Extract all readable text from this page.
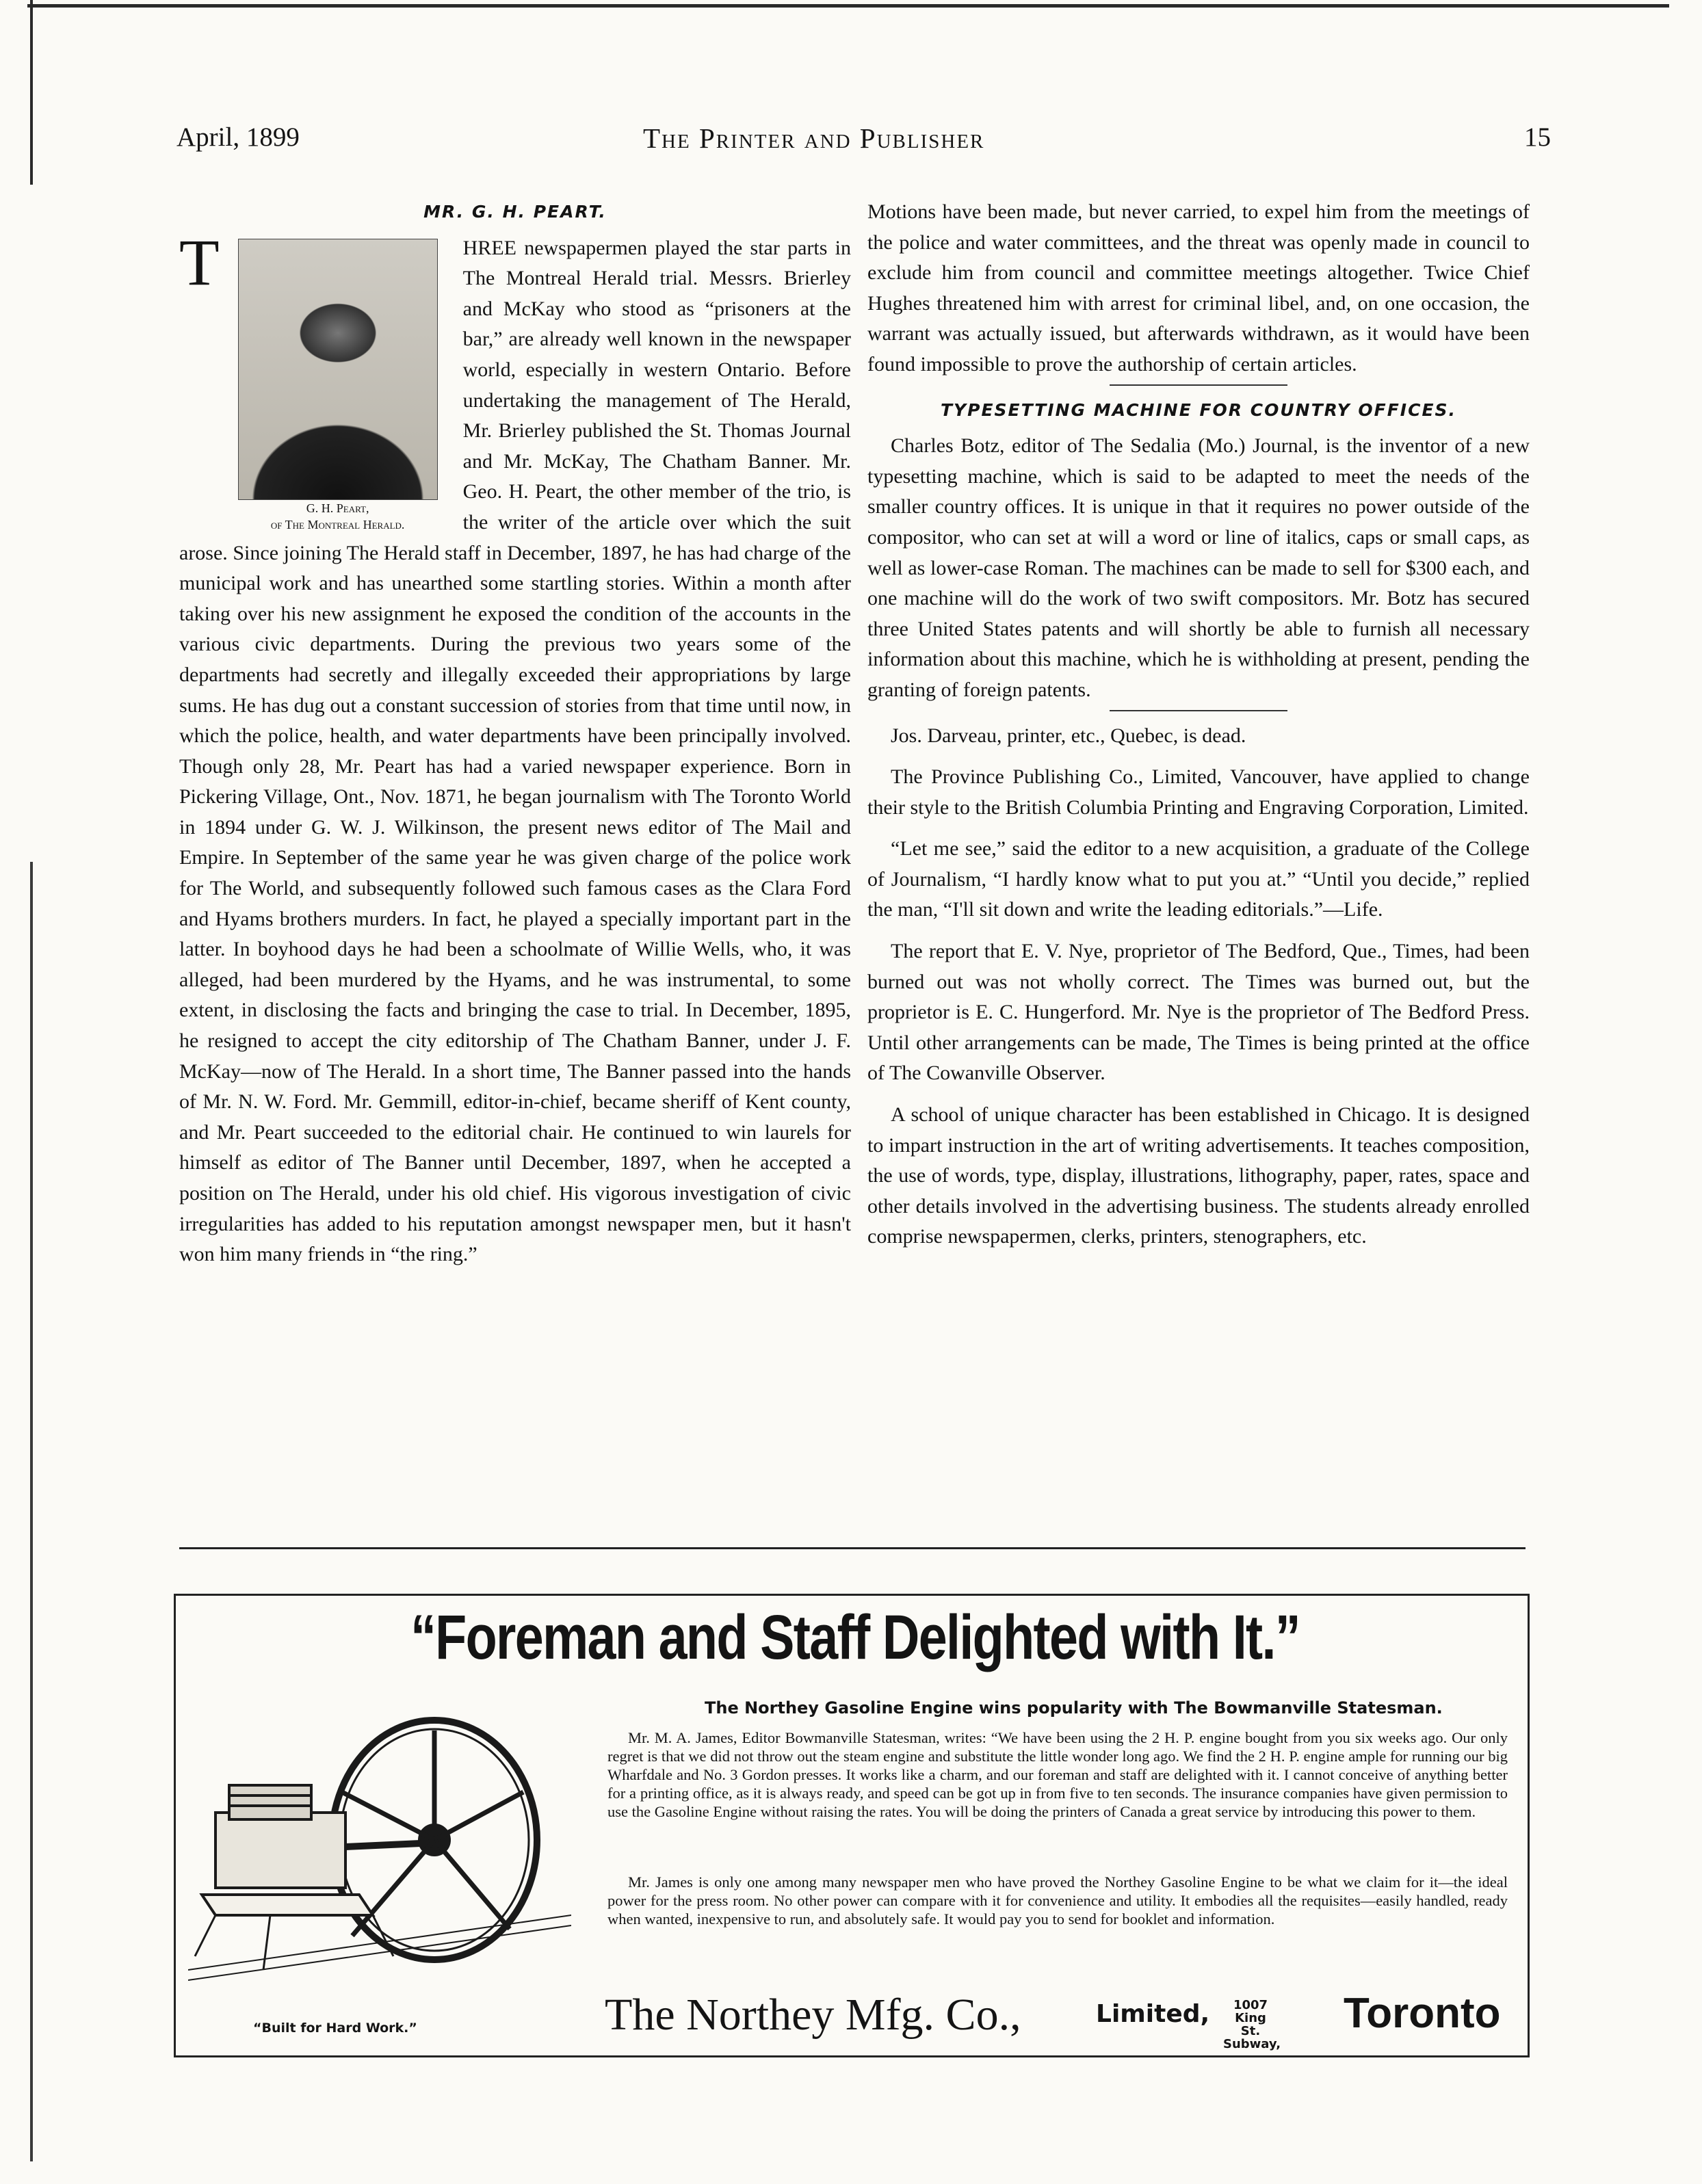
April, 1899	The Printer and Publisher	15
MR. G. H. PEART.

T
G. H. Peart,
of The Montreal Herald.
HREE newspapermen played the star parts in The Montreal Herald trial. Messrs. Brierley and McKay who stood as “prisoners at the bar,” are already well known in the newspaper world, especially in western Ontario. Before undertaking the management of The Herald, Mr. Brierley published the St. Thomas Journal and Mr. McKay, The Chatham Banner. Mr. Geo. H. Peart, the other member of the trio, is the writer of the article over which the suit arose. Since joining The Herald staff in December, 1897, he has had charge of the municipal work and has unearthed some startling stories. Within a month after taking over his new assignment he exposed the condition of the accounts in the various civic departments. During the previous two years some of the departments had secretly and illegally exceeded their appropriations by large sums. He has dug out a constant succession of stories from that time until now, in which the police, health, and water departments have been principally involved. Though only 28, Mr. Peart has had a varied newspaper experience. Born in Pickering Village, Ont., Nov. 1871, he began journalism with The Toronto World in 1894 under G. W. J. Wilkinson, the present news editor of The Mail and Empire. In September of the same year he was given charge of the police work for The World, and subsequently followed such famous cases as the Clara Ford and Hyams brothers murders. In fact, he played a specially important part in the latter. In boyhood days he had been a schoolmate of Willie Wells, who, it was alleged, had been murdered by the Hyams, and he was instrumental, to some extent, in disclosing the facts and bringing the case to trial. In December, 1895, he resigned to accept the city editorship of The Chatham Banner, under J. F. McKay—now of The Herald. In a short time, The Banner passed into the hands of Mr. N. W. Ford. Mr. Gemmill, editor-in-chief, became sheriff of Kent county, and Mr. Peart succeeded to the editorial chair. He continued to win laurels for himself as editor of The Banner until December, 1897, when he accepted a position on The Herald, under his old chief. His vigorous investigation of civic irregularities has added to his reputation amongst newspaper men, but it hasn't won him many friends in “the ring.”

Motions have been made, but never carried, to expel him from the meetings of the police and water committees, and the threat was openly made in council to exclude him from council and committee meetings altogether. Twice Chief Hughes threatened him with arrest for criminal libel, and, on one occasion, the warrant was actually issued, but afterwards withdrawn, as it would have been found impossible to prove the authorship of certain articles.

TYPESETTING MACHINE FOR COUNTRY OFFICES.

Charles Botz, editor of The Sedalia (Mo.) Journal, is the inventor of a new typesetting machine, which is said to be adapted to meet the needs of the smaller country offices. It is unique in that it requires no power outside of the compositor, who can set at will a word or line of italics, caps or small caps, as well as lower-case Roman. The machines can be made to sell for $300 each, and one machine will do the work of two swift compositors. Mr. Botz has secured three United States patents and will shortly be able to furnish all necessary information about this machine, which he is withholding at present, pending the granting of foreign patents.

Jos. Darveau, printer, etc., Quebec, is dead.

The Province Publishing Co., Limited, Vancouver, have applied to change their style to the British Columbia Printing and Engraving Corporation, Limited.

“Let me see,” said the editor to a new acquisition, a graduate of the College of Journalism, “I hardly know what to put you at.” “Until you decide,” replied the man, “I'll sit down and write the leading editorials.”—Life.

The report that E. V. Nye, proprietor of The Bedford, Que., Times, had been burned out was not wholly correct. The Times was burned out, but the proprietor is E. C. Hungerford. Mr. Nye is the proprietor of The Bedford Press. Until other arrangements can be made, The Times is being printed at the office of The Cowanville Observer.

A school of unique character has been established in Chicago. It is designed to impart instruction in the art of writing advertisements. It teaches composition, the use of words, type, display, illustrations, lithography, paper, rates, space and other details involved in the advertising business. The students already enrolled comprise newspapermen, clerks, printers, stenographers, etc.

“Foreman and Staff Delighted with It.”
The Northey Gasoline Engine wins popularity with The Bowmanville Statesman.
Mr. M. A. James, Editor Bowmanville Statesman, writes: “We have been using the 2 H. P. engine bought from you six weeks ago. Our only regret is that we did not throw out the steam engine and substitute the little wonder long ago. We find the 2 H. P. engine ample for running our big Wharfdale and No. 3 Gordon presses. It works like a charm, and our foreman and staff are delighted with it. I cannot conceive of anything better for a printing office, as it is always ready, and speed can be got up in from five to ten seconds. The insurance companies have given permission to use the Gasoline Engine without raising the rates. You will be doing the printers of Canada a great service by introducing this power to them.
Mr. James is only one among many newspaper men who have proved the Northey Gasoline Engine to be what we claim for it—the ideal power for the press room. No other power can compare with it for convenience and utility. It embodies all the requisites—easily handled, ready when wanted, inexpensive to run, and absolutely safe. It would pay you to send for booklet and information.
“Built for Hard Work.”	The Northey Mfg. Co.,	Limited,	1007
King St.
Subway,
Toronto
